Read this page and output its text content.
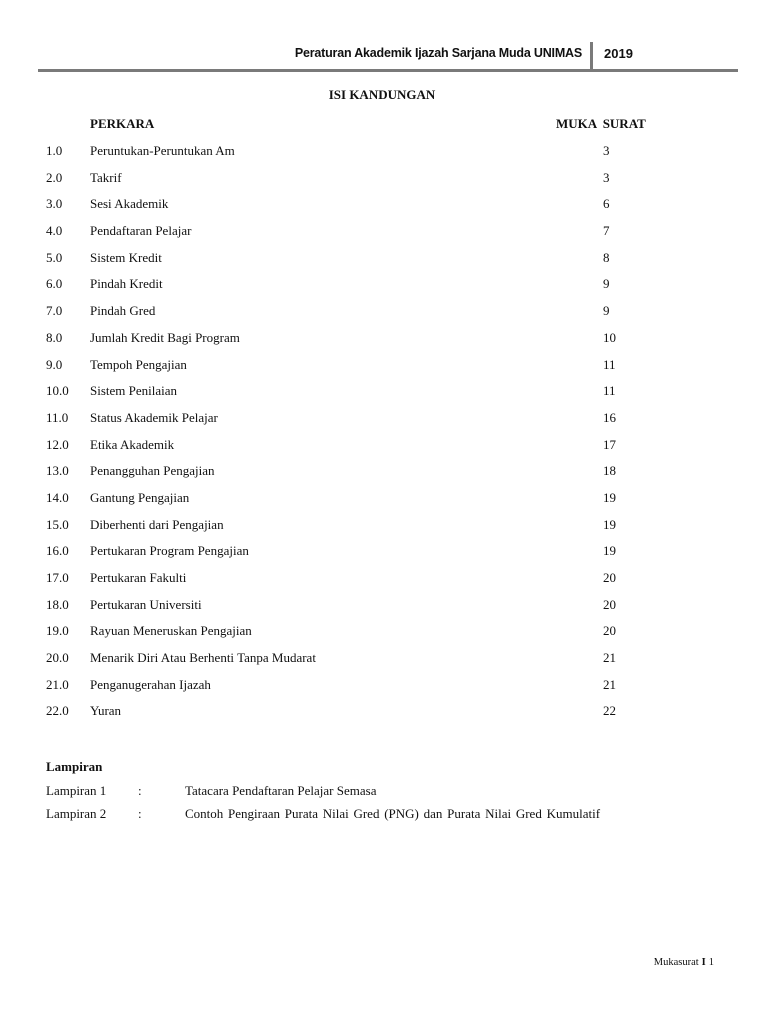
Peraturan Akademik Ijazah Sarjana Muda UNIMAS 2019
ISI KANDUNGAN
PERKARA	MUKA SURAT
1.0 Peruntukan-Peruntukan Am	3
2.0 Takrif	3
3.0 Sesi Akademik	6
4.0 Pendaftaran Pelajar	7
5.0 Sistem Kredit	8
6.0 Pindah Kredit	9
7.0 Pindah Gred	9
8.0 Jumlah Kredit Bagi Program	10
9.0 Tempoh Pengajian	11
10.0 Sistem Penilaian	11
11.0 Status Akademik Pelajar	16
12.0 Etika Akademik	17
13.0 Penangguhan Pengajian	18
14.0 Gantung Pengajian	19
15.0 Diberhenti dari Pengajian	19
16.0 Pertukaran Program Pengajian	19
17.0 Pertukaran Fakulti	20
18.0 Pertukaran Universiti	20
19.0 Rayuan Meneruskan Pengajian	20
20.0 Menarik Diri Atau Berhenti Tanpa Mudarat	21
21.0 Penganugerahan Ijazah	21
22.0 Yuran	22
Lampiran
Lampiran 1 :	Tatacara Pendaftaran Pelajar Semasa
Lampiran 2 :	Contoh Pengiraan Purata Nilai Gred (PNG) dan Purata Nilai Gred Kumulatif
Mukasurat I 1
